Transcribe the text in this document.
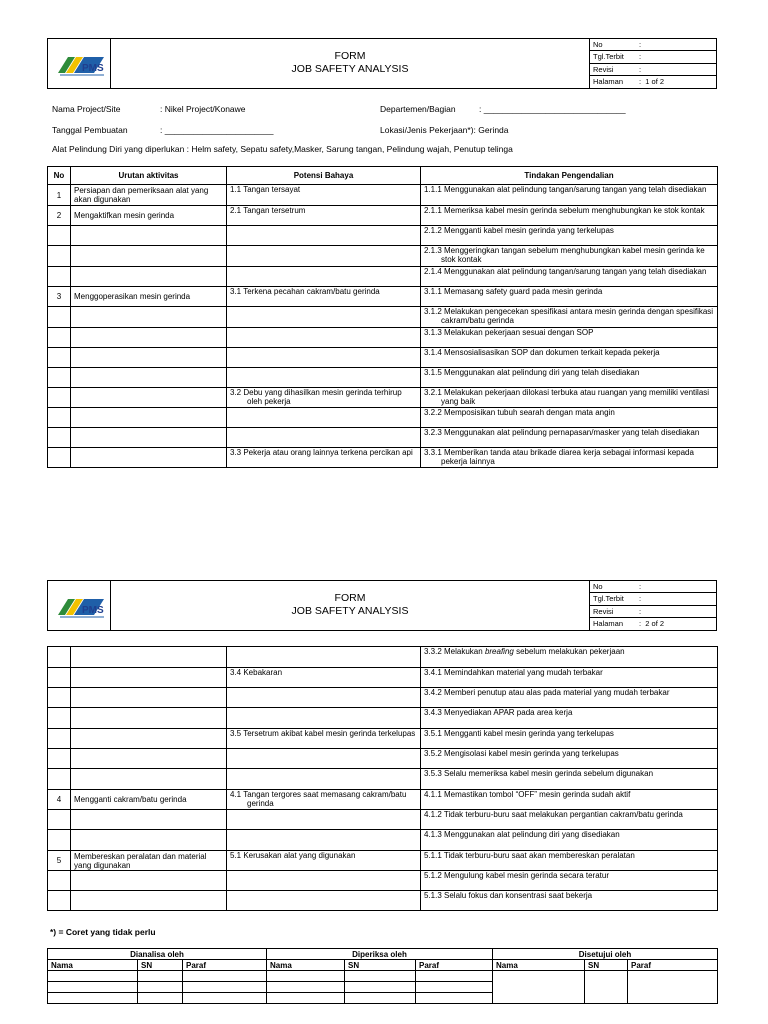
PMS
FORM
JOB SAFETY ANALYSIS
No	:
Tgl.Terbit	:
Revisi	:
Halaman	: 1 of 2
Nama Project/Site	: Nikel Project/Konawe	Departemen/Bagian	: ______________________________
Tanggal Pembuatan	: _______________________	Lokasi/Jenis Pekerjaan*): Gerinda
Alat Pelindung Diri yang diperlukan : Helm safety, Sepatu safety,Masker, Sarung tangan, Pelindung wajah, Penutup telinga
No	Urutan aktivitas	Potensi Bahaya	Tindakan Pengendalian
1	Persiapan dan pemeriksaan alat yang akan digunakan	1.1 Tangan tersayat	1.1.1 Menggunakan alat pelindung tangan/sarung tangan yang telah disediakan
2	Mengaktifkan mesin gerinda	2.1 Tangan tersetrum	2.1.1 Memeriksa kabel mesin gerinda sebelum menghubungkan ke stok kontak
			2.1.2 Mengganti kabel mesin gerinda yang terkelupas
			2.1.3 Menggeringkan tangan sebelum menghubungkan kabel mesin gerinda ke stok kontak
			2.1.4 Menggunakan alat pelindung tangan/sarung tangan yang telah disediakan
3	Menggoperasikan mesin gerinda	3.1 Terkena pecahan cakram/batu gerinda	3.1.1 Memasang safety guard pada mesin gerinda
			3.1.2 Melakukan pengecekan spesifikasi antara mesin gerinda dengan spesifikasi cakram/batu gerinda
			3.1.3 Melakukan pekerjaan sesuai dengan SOP
			3.1.4 Mensosialisasikan SOP dan dokumen terkait kepada pekerja
			3.1.5 Menggunakan alat pelindung diri yang telah disediakan
		3.2 Debu yang dihasilkan mesin gerinda terhirup oleh pekerja	3.2.1 Melakukan pekerjaan dilokasi terbuka atau ruangan yang memiliki ventilasi yang baik
			3.2.2 Memposisikan tubuh searah dengan mata angin
			3.2.3 Menggunakan alat pelindung pernapasan/masker yang telah disediakan
		3.3 Pekerja atau orang lainnya terkena percikan api	3.3.1 Memberikan tanda atau brikade diarea kerja sebagai informasi kepada pekerja lainnya
PMS
FORM
JOB SAFETY ANALYSIS
No	:
Tgl.Terbit	:
Revisi	:
Halaman	: 2 of 2
			3.3.2 Melakukan breafing sebelum melakukan pekerjaan
		3.4 Kebakaran	3.4.1 Memindahkan material yang mudah terbakar
			3.4.2 Memberi penutup atau alas pada material yang mudah terbakar
			3.4.3 Menyediakan APAR pada area kerja
		3.5 Tersetrum akibat kabel mesin gerinda terkelupas	3.5.1 Mengganti kabel mesin gerinda yang terkelupas
			3.5.2 Mengisolasi kabel mesin gerinda yang terkelupas
			3.5.3 Selalu memeriksa kabel mesin gerinda sebelum digunakan
4	Mengganti cakram/batu gerinda	4.1 Tangan tergores saat memasang cakram/batu gerinda	4.1.1 Memastikan tombol “OFF” mesin gerinda sudah aktif
			4.1.2 Tidak terburu-buru saat melakukan pergantian cakram/batu gerinda
			4.1.3 Menggunakan alat pelindung diri yang disediakan
5	Membereskan peralatan dan material yang digunakan	5.1 Kerusakan alat yang digunakan	5.1.1 Tidak terburu-buru saat akan membereskan peralatan
			5.1.2 Mengulung kabel mesin gerinda secara teratur
			5.1.3 Selalu fokus dan konsentrasi saat bekerja
*) = Coret yang tidak perlu
Dianalisa oleh			Diperiksa oleh			Disetujui oleh		
Nama	SN	Paraf	Nama	SN	Paraf	Nama	SN	Paraf
